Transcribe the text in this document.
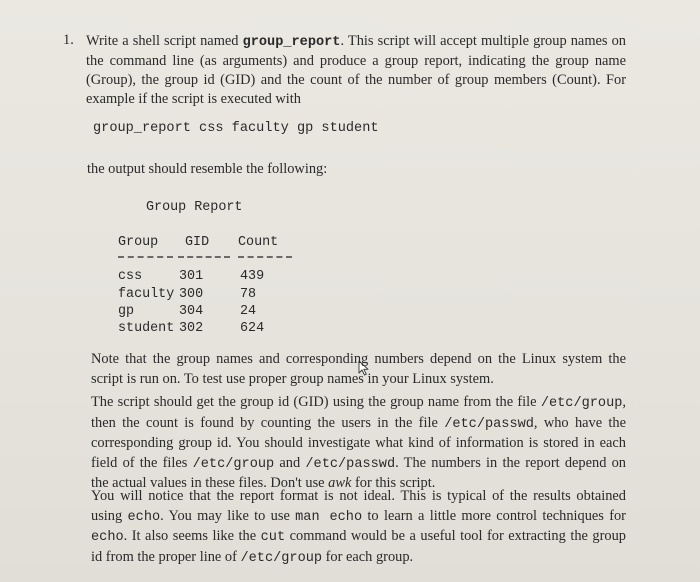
1. Write a shell script named group_report. This script will accept multiple group names on the command line (as arguments) and produce a group report, indicating the group name (Group), the group id (GID) and the count of the number of group members (Count). For example if the script is executed with
group_report css faculty gp student
the output should resemble the following:
Group Report
Group GID Count
css	301	439
faculty 300	78
gp	304	24
student 302	624
Note that the group names and corresponding numbers depend on the Linux system the script is run on. To test use proper group names in your Linux system.
The script should get the group id (GID) using the group name from the file /etc/group, then the count is found by counting the users in the file /etc/passwd, who have the corresponding group id. You should investigate what kind of information is stored in each field of the files /etc/group and /etc/passwd. The numbers in the report depend on the actual values in these files. Don't use awk for this script.
You will notice that the report format is not ideal. This is typical of the results obtained using echo. You may like to use man echo to learn a little more control techniques for echo. It also seems like the cut command would be a useful tool for extracting the group id from the proper line of /etc/group for each group.
